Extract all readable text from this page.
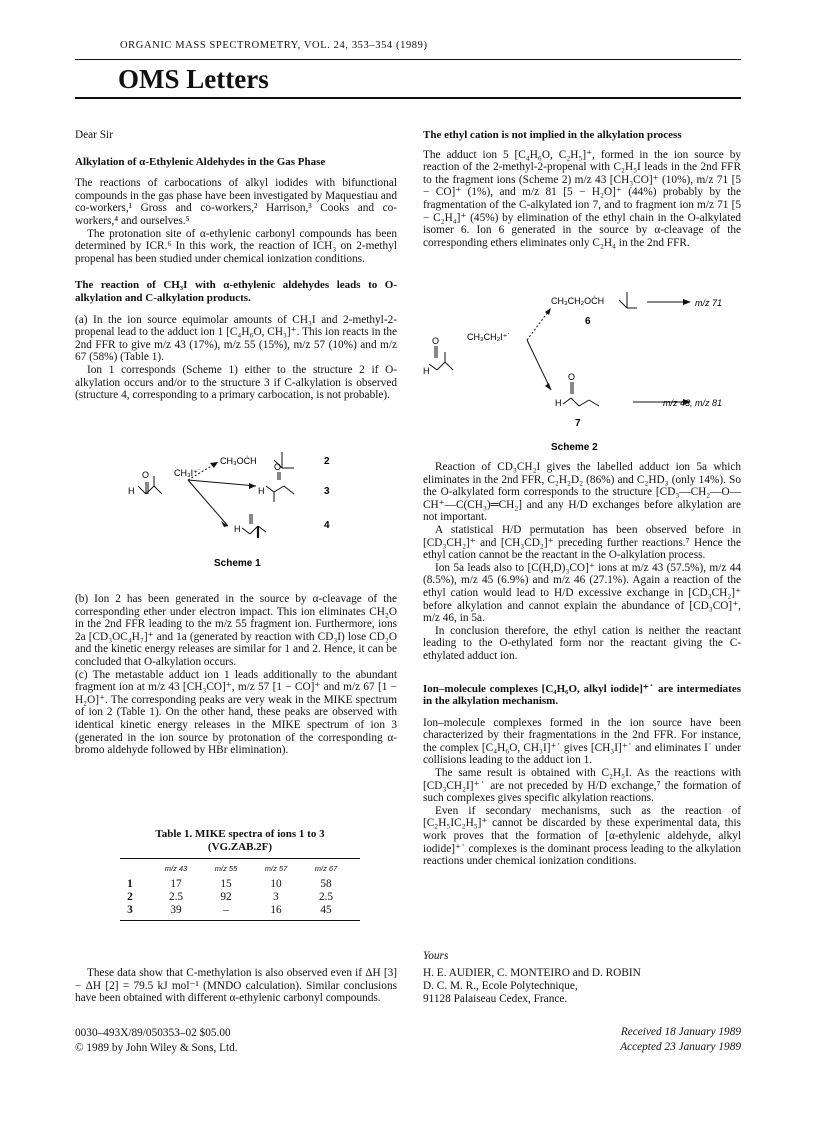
ORGANIC MASS SPECTROMETRY, VOL. 24, 353–354 (1989)
OMS Letters

Dear Sir

Alkylation of α-Ethylenic Aldehydes in the Gas Phase

The reactions of carbocations of alkyl iodides with bifunctional compounds in the gas phase have been investigated by Maquestiau and co-workers,¹ Gross and co-workers,² Harrison,³ Cooks and co-workers,⁴ and ourselves.⁵

The protonation site of α-ethylenic carbonyl compounds has been determined by ICR.⁶ In this work, the reaction of ICH₃ on 2-methyl propenal has been studied under chemical ionization conditions.

The reaction of CH₃I with α-ethylenic aldehydes leads to O-alkylation and C-alkylation products.

(a) In the ion source equimolar amounts of CH₃I and 2-methyl-2-propenal lead to the adduct ion 1 [C₄H₆O, CH₃]⁺. This ion reacts in the 2nd FFR to give m/z 43 (17%), m/z 55 (15%), m/z 57 (10%) and m/z 67 (58%) (Table 1).

Ion 1 corresponds (Scheme 1) either to the structure 2 if O-alkylation occurs and/or to the structure 3 if C-alkylation is observed (structure 4, corresponding to a primary carbocation, is not probable).

H
O	CH₃I⁺˙
CH₃OĊH
H
O
H
2
3
4
Scheme 1

(b) Ion 2 has been generated in the source by α-cleavage of the corresponding ether under electron impact. This ion eliminates CH₂O in the 2nd FFR leading to the m/z 55 fragment ion. Furthermore, ions 2a [CD₃OC₄H₇]⁺ and 1a (generated by reaction with CD₃I) lose CD₂O and the kinetic energy releases are similar for 1 and 2. Hence, it can be concluded that O-alkylation occurs.

(c) The metastable adduct ion 1 leads additionally to the abundant fragment ion at m/z 43 [CH₃CO]⁺, m/z 57 [1 − CO]⁺ and m/z 67 [1 − H₂O]⁺. The corresponding peaks are very weak in the MIKE spectrum of ion 2 (Table 1). On the other hand, these peaks are observed with identical kinetic energy releases in the MIKE spectrum of ion 3 (generated in the ion source by protonation of the corresponding α-bromo aldehyde followed by HBr elimination).

Table 1. MIKE spectra of ions 1 to 3
(VG.ZAB.2F)
m/z 43	m/z 55	m/z 57	m/z 67
1	17	15	10	58
2	2.5	92	3	2.5
3	39	–	16	45

These data show that C-methylation is also observed even if ΔH [3] − ΔH [2] = 79.5 kJ mol⁻¹ (MNDO calculation). Similar conclusions have been obtained with different α-ethylenic carbonyl compounds.

0030–493X/89/050353–02 $05.00
© 1989 by John Wiley & Sons, Ltd.

The ethyl cation is not implied in the alkylation process

The adduct ion 5 [C₄H₆O, C₂H₅]⁺, formed in the ion source by reaction of the 2-methyl-2-propenal with C₂H₅I leads in the 2nd FFR to the fragment ions (Scheme 2) m/z 43 [CH₃CO]⁺ (10%), m/z 71 [5 − CO]⁺ (1%), and m/z 81 [5 − H₂O]⁺ (44%) probably by the fragmentation of the C-alkylated ion 7, and to fragment ion m/z 71 [5 − C₂H₄]⁺ (45%) by elimination of the ethyl chain in the O-alkylated isomer 6. Ion 6 generated in the source by α-cleavage of the corresponding ethers eliminates only C₂H₄ in the 2nd FFR.

H
O	CH₃CH₂I⁺˙
CH₃CH₂OĊH	m/z 71
6
H
O
m/z 43, m/z 81
7
Scheme 2

Reaction of CD₃CH₂I gives the labelled adduct ion 5a which eliminates in the 2nd FFR, C₂H₂D₂ (86%) and C₂HD₃ (only 14%). So the O-alkylated form corresponds to the structure [CD₃—CH₂—O—CH⁺—C(CH₃)═CH₂] and any H/D exchanges before alkylation are not important.

A statistical H/D permutation has been observed before in [CD₃CH₂]⁺ and [CH₃CD₂]⁺ preceding further reactions.⁷ Hence the ethyl cation cannot be the reactant in the O-alkylation process.

Ion 5a leads also to [C(H,D)₃CO]⁺ ions at m/z 43 (57.5%), m/z 44 (8.5%), m/z 45 (6.9%) and m/z 46 (27.1%). Again a reaction of the ethyl cation would lead to H/D excessive exchange in [CD₃CH₂]⁺ before alkylation and cannot explain the abundance of [CD₃CO]⁺, m/z 46, in 5a.

In conclusion therefore, the ethyl cation is neither the reactant leading to the O-ethylated form nor the reactant giving the C-ethylated adduct ion.

Ion–molecule complexes [C₄H₆O, alkyl iodide]⁺˙ are intermediates in the alkylation mechanism.

Ion–molecule complexes formed in the ion source have been characterized by their fragmentations in the 2nd FFR. For instance, the complex [C₄H₆O, CH₃I]⁺˙ gives [CH₃I]⁺˙ and eliminates I˙ under collisions leading to the adduct ion 1.

The same result is obtained with C₂H₅I. As the reactions with [CD₃CH₂I]⁺˙ are not preceded by H/D exchange,⁷ the formation of such complexes gives specific alkylation reactions.

Even if secondary mechanisms, such as the reaction of [C₂H₅IC₂H₅]⁺ cannot be discarded by these experimental data, this work proves that the formation of [α-ethylenic aldehyde, alkyl iodide]⁺˙ complexes is the dominant process leading to the alkylation reactions under chemical ionization conditions.

Yours
H. E. AUDIER, C. MONTEIRO and D. ROBIN
D. C. M. R., Ecole Polytechnique,
91128 Palaiseau Cedex, France.
Received 18 January 1989
Accepted 23 January 1989
